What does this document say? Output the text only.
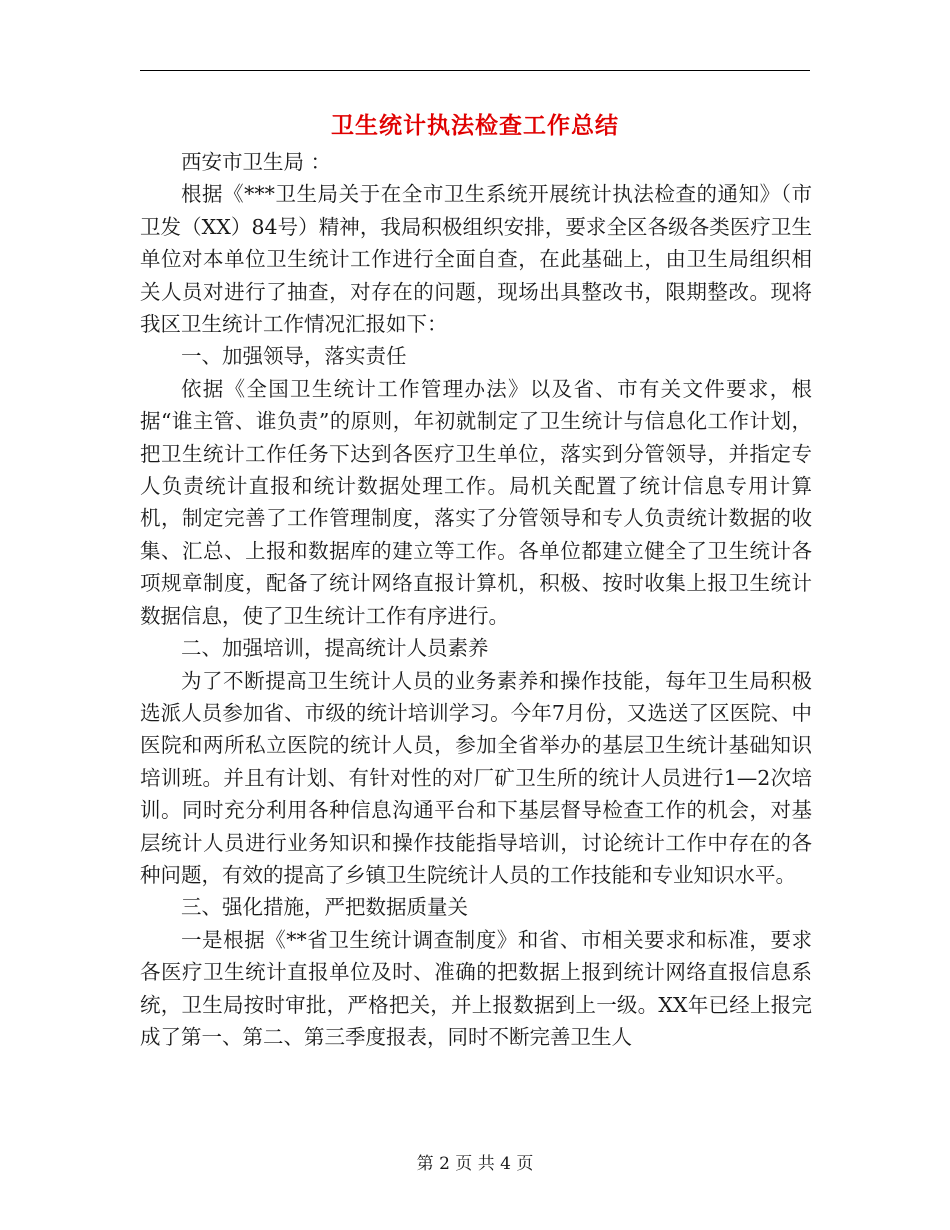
卫生统计执法检查工作总结

西安市卫生局 ：

根据《***卫生局关于在全市卫生系统开展统计执法检查的通知》（市卫发（XX）84号）精神，我局积极组织安排，要求全区各级各类医疗卫生单位对本单位卫生统计工作进行全面自查，在此基础上，由卫生局组织相关人员对进行了抽查，对存在的问题，现场出具整改书，限期整改。现将我区卫生统计工作情况汇报如下：

一、加强领导，落实责任

依据《全国卫生统计工作管理办法》以及省、市有关文件要求，根据“谁主管、谁负责”的原则，年初就制定了卫生统计与信息化工作计划，把卫生统计工作任务下达到各医疗卫生单位，落实到分管领导，并指定专人负责统计直报和统计数据处理工作。局机关配置了统计信息专用计算机，制定完善了工作管理制度，落实了分管领导和专人负责统计数据的收集、汇总、上报和数据库的建立等工作。各单位都建立健全了卫生统计各项规章制度，配备了统计网络直报计算机，积极、按时收集上报卫生统计数据信息，使了卫生统计工作有序进行。

二、加强培训，提高统计人员素养

为了不断提高卫生统计人员的业务素养和操作技能，每年卫生局积极选派人员参加省、市级的统计培训学习。今年7月份，又选送了区医院、中医院和两所私立医院的统计人员，参加全省举办的基层卫生统计基础知识培训班。并且有计划、有针对性的对厂矿卫生所的统计人员进行1—2次培训。同时充分利用各种信息沟通平台和下基层督导检查工作的机会，对基层统计人员进行业务知识和操作技能指导培训，讨论统计工作中存在的各种问题，有效的提高了乡镇卫生院统计人员的工作技能和专业知识水平。

三、强化措施，严把数据质量关

一是根据《**省卫生统计调查制度》和省、市相关要求和标准，要求各医疗卫生统计直报单位及时、准确的把数据上报到统计网络直报信息系统，卫生局按时审批，严格把关，并上报数据到上一级。XX年已经上报完成了第一、第二、第三季度报表，同时不断完善卫生人

第 2 页 共 4 页
